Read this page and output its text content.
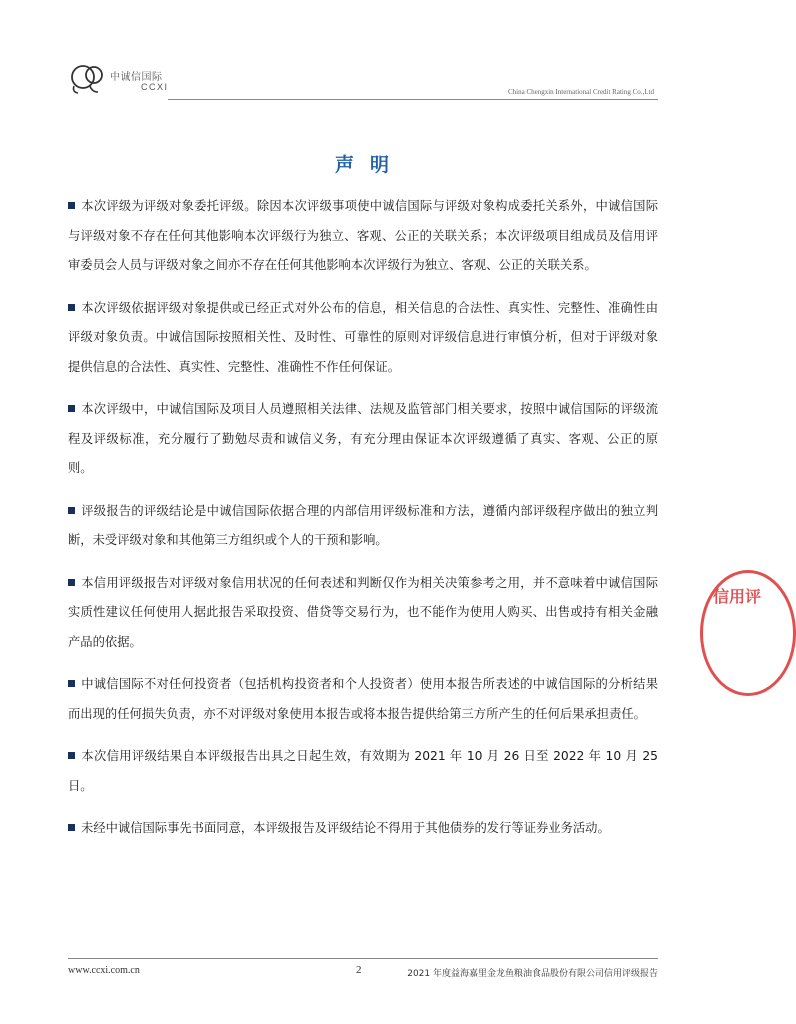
中诚信国际
CCXI	China Chengxin International Credit Rating Co.,Ltd
声明

本次评级为评级对象委托评级。除因本次评级事项使中诚信国际与评级对象构成委托关系外，中诚信国际与评级对象不存在任何其他影响本次评级行为独立、客观、公正的关联关系；本次评级项目组成员及信用评审委员会人员与评级对象之间亦不存在任何其他影响本次评级行为独立、客观、公正的关联关系。

本次评级依据评级对象提供或已经正式对外公布的信息，相关信息的合法性、真实性、完整性、准确性由评级对象负责。中诚信国际按照相关性、及时性、可靠性的原则对评级信息进行审慎分析，但对于评级对象提供信息的合法性、真实性、完整性、准确性不作任何保证。

本次评级中，中诚信国际及项目人员遵照相关法律、法规及监管部门相关要求，按照中诚信国际的评级流程及评级标准，充分履行了勤勉尽责和诚信义务，有充分理由保证本次评级遵循了真实、客观、公正的原则。

评级报告的评级结论是中诚信国际依据合理的内部信用评级标准和方法，遵循内部评级程序做出的独立判断，未受评级对象和其他第三方组织或个人的干预和影响。

本信用评级报告对评级对象信用状况的任何表述和判断仅作为相关决策参考之用，并不意味着中诚信国际实质性建议任何使用人据此报告采取投资、借贷等交易行为，也不能作为使用人购买、出售或持有相关金融产品的依据。

中诚信国际不对任何投资者（包括机构投资者和个人投资者）使用本报告所表述的中诚信国际的分析结果而出现的任何损失负责，亦不对评级对象使用本报告或将本报告提供给第三方所产生的任何后果承担责任。

本次信用评级结果自本评级报告出具之日起生效，有效期为 2021 年 10 月 26 日至 2022 年 10 月 25 日。

未经中诚信国际事先书面同意，本评级报告及评级结论不得用于其他债券的发行等证券业务活动。

信用评
www.ccxi.com.cn	2	2021 年度益海嘉里金龙鱼粮油食品股份有限公司信用评级报告
